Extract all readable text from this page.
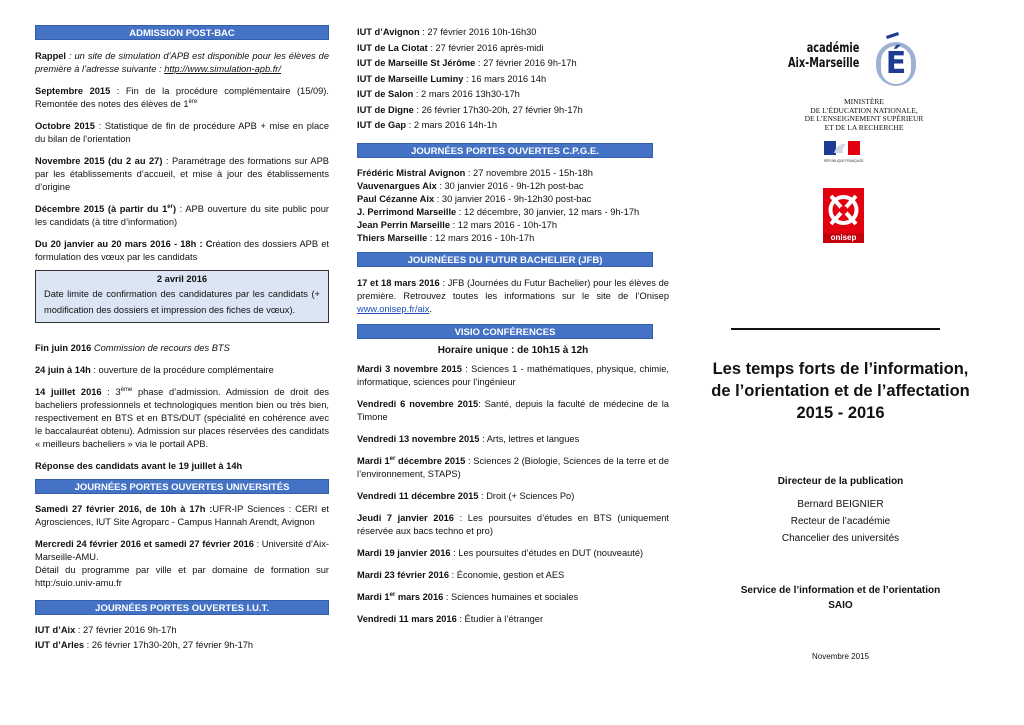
ADMISSION POST-BAC

Rappel : un site de simulation d’APB est disponible pour les élèves de première à l’adresse suivante : http://www.simulation-apb.fr/

Septembre 2015 : Fin de la procédure complémentaire (15/09). Remontée des notes des élèves de 1ère

Octobre 2015 : Statistique de fin de procédure APB + mise en place du bilan de l’orientation

Novembre 2015 (du 2 au 27) : Paramétrage des formations sur APB par les établissements d’accueil, et mise à jour des établissements d’origine

Décembre 2015 (à partir du 1er) : APB ouverture du site public pour les candidats (à titre d’information)

Du 20 janvier au 20 mars 2016 - 18h : Création des dossiers APB et formulation des vœux par les candidats

2 avril 2016
Date limite de confirmation des candidatures par les candidats (+ modification des dossiers et impression des fiches de vœux).

Fin juin 2016 Commission de recours des BTS

24 juin à 14h : ouverture de la procédure complémentaire

14 juillet 2016 : 3ème phase d’admission. Admission de droit des bacheliers professionnels et technologiques mention bien ou très bien, respectivement en BTS et en BTS/DUT (spécialité en cohérence avec le baccalauréat obtenu). Admission sur places réservées des candidats « meilleurs bacheliers » via le portail APB.

Réponse des candidats avant le 19 juillet à 14h

JOURNÉES PORTES OUVERTES UNIVERSITÉS

Samedi 27 février 2016, de 10h à 17h :UFR-IP Sciences : CERI et Agrosciences, IUT Site Agroparc - Campus Hannah Arendt, Avignon

Mercredi 24 février 2016 et samedi 27 février 2016 : Université d’Aix-Marseille-AMU.

Détail du programme par ville et par domaine de formation sur http:/suio.univ-amu.fr

JOURNÉES PORTES OUVERTES I.U.T.

IUT d’Aix : 27 février 2016 9h-17h

IUT d’Arles : 26 février 17h30-20h, 27 février 9h-17h

IUT d’Avignon : 27 février 2016 10h-16h30

IUT de La Ciotat : 27 février 2016 après-midi

IUT de Marseille St Jérôme : 27 février 2016 9h-17h

IUT de Marseille Luminy : 16 mars 2016 14h

IUT de Salon : 2 mars 2016 13h30-17h

IUT de Digne : 26 février 17h30-20h, 27 février 9h-17h

IUT de Gap : 2 mars 2016 14h-1h

JOURNÉES PORTES OUVERTES C.P.G.E.

Frédéric Mistral Avignon : 27 novembre 2015 - 15h-18h

Vauvenargues Aix : 30 janvier 2016 - 9h-12h post-bac

Paul Cézanne Aix : 30 janvier 2016 - 9h-12h30 post-bac

J. Perrimond Marseille : 12 décembre, 30 janvier, 12 mars - 9h-17h

Jean Perrin Marseille : 12 mars 2016 - 10h-17h

Thiers Marseille : 12 mars 2016 - 10h-17h

JOURNÉEES DU FUTUR BACHELIER (JFB)

17 et 18 mars 2016 : JFB (Journées du Futur Bachelier) pour les élèves de première. Retrouvez toutes les informations sur le site de l’Onisep www.onisep.fr/aix.

VISIO CONFÉRENCES

Horaire unique : de 10h15 à 12h

Mardi 3 novembre 2015 : Sciences 1 - mathématiques, physique, chimie, informatique, sciences pour l’ingénieur

Vendredi 6 novembre 2015: Santé, depuis la faculté de médecine de la Timone

Vendredi 13 novembre 2015 : Arts, lettres et langues

Mardi 1er décembre 2015 : Sciences 2 (Biologie, Sciences de la terre et de l’environnement, STAPS)

Vendredi 11 décembre 2015 : Droit (+ Sciences Po)

Jeudi 7 janvier 2016 : Les poursuites d’études en BTS (uniquement réservée aux bacs techno et pro)

Mardi 19 janvier 2016 : Les poursuites d’études en DUT (nouveauté)

Mardi 23 février 2016 : Économie, gestion et AES

Mardi 1er mars 2016 : Sciences humaines et sociales

Vendredi 11 mars 2016 : Étudier à l’étranger

académie
Aix-Marseille É
MINISTÈRE
DE L’ÉDUCATION NATIONALE,
DE L’ENSEIGNEMENT SUPÉRIEUR
ET DE LA RECHERCHE
RÉPUBLIQUE FRANÇAISE
onisep
Les temps forts de l’information,
de l’orientation et de l’affectation
2015 - 2016
Directeur de la publication
Bernard BEIGNIER
Recteur de l’académie
Chancelier des universités
Service de l’information et de l’orientation
SAIO
Novembre 2015
